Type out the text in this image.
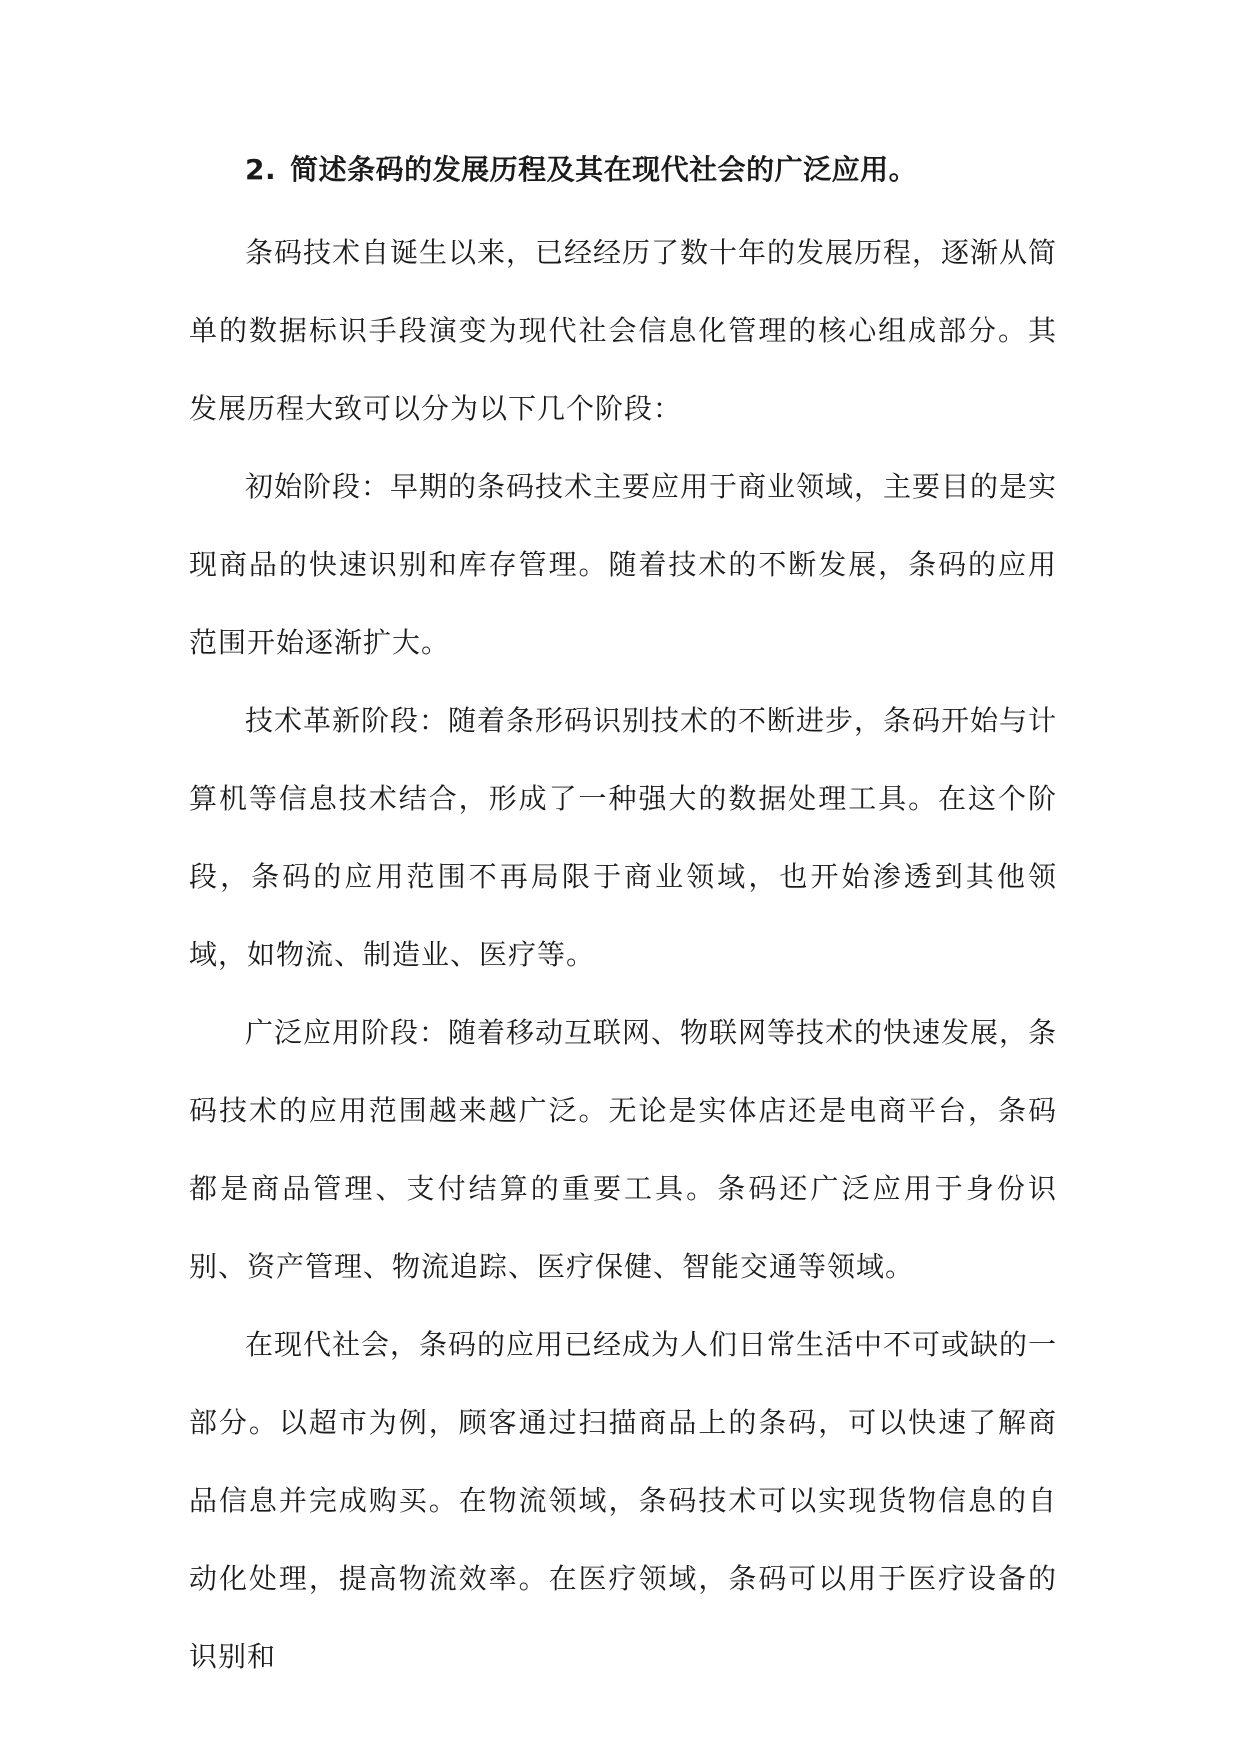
2. 简述条码的发展历程及其在现代社会的广泛应用。

条码技术自诞生以来，已经经历了数十年的发展历程，逐渐从简单的数据标识手段演变为现代社会信息化管理的核心组成部分。其发展历程大致可以分为以下几个阶段：

初始阶段：早期的条码技术主要应用于商业领域，主要目的是实现商品的快速识别和库存管理。随着技术的不断发展，条码的应用范围开始逐渐扩大。

技术革新阶段：随着条形码识别技术的不断进步，条码开始与计算机等信息技术结合，形成了一种强大的数据处理工具。在这个阶段，条码的应用范围不再局限于商业领域，也开始渗透到其他领域，如物流、制造业、医疗等。

广泛应用阶段：随着移动互联网、物联网等技术的快速发展，条码技术的应用范围越来越广泛。无论是实体店还是电商平台，条码都是商品管理、支付结算的重要工具。条码还广泛应用于身份识别、资产管理、物流追踪、医疗保健、智能交通等领域。

在现代社会，条码的应用已经成为人们日常生活中不可或缺的一部分。以超市为例，顾客通过扫描商品上的条码，可以快速了解商品信息并完成购买。在物流领域，条码技术可以实现货物信息的自动化处理，提高物流效率。在医疗领域，条码可以用于医疗设备的识别和
